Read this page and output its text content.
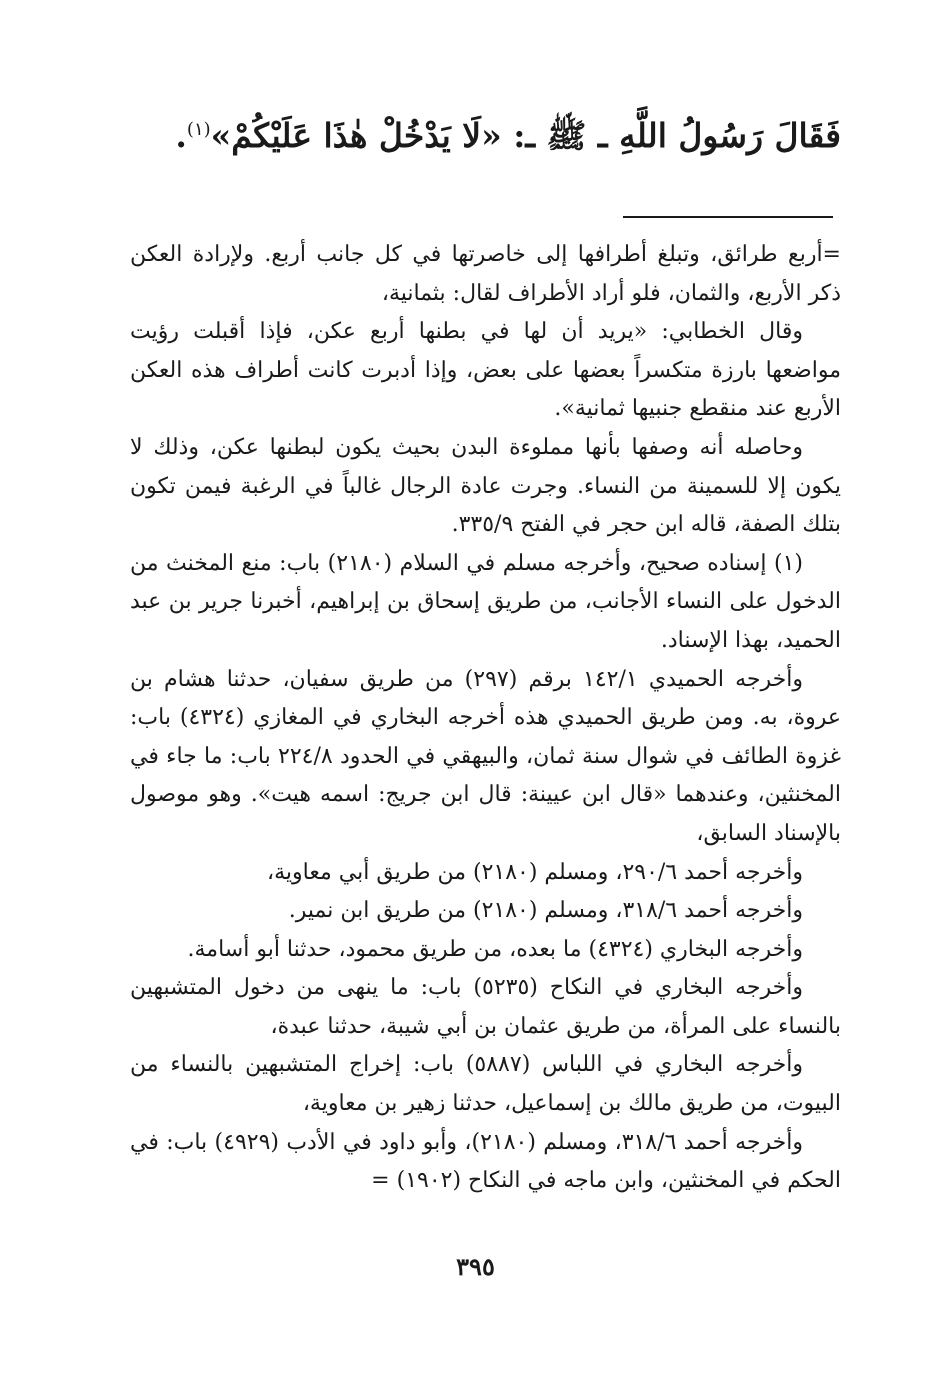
فَقَالَ رَسُولُ اللَّهِ ـ ﷺ ـ: «لَا يَدْخُلْ هٰذَا عَلَيْكُمْ»$^{(١)}$.

=أربع طرائق، وتبلغ أطرافها إلى خاصرتها في كل جانب أربع. ولإرادة العكن ذكر الأربع، والثمان، فلو أراد الأطراف لقال: بثمانية،

وقال الخطابي: «يريد أن لها في بطنها أربع عكن، فإذا أقبلت رؤيت مواضعها بارزة متكسراً بعضها على بعض، وإذا أدبرت كانت أطراف هذه العكن الأربع عند منقطع جنبيها ثمانية».

وحاصله أنه وصفها بأنها مملوءة البدن بحيث يكون لبطنها عكن، وذلك لا يكون إلا للسمينة من النساء. وجرت عادة الرجال غالباً في الرغبة فيمن تكون بتلك الصفة، قاله ابن حجر في الفتح ٣٣٥/٩.

(١) إسناده صحيح، وأخرجه مسلم في السلام (٢١٨٠) باب: منع المخنث من الدخول على النساء الأجانب، من طريق إسحاق بن إبراهيم، أخبرنا جرير بن عبد الحميد، بهذا الإسناد.

وأخرجه الحميدي ١٤٢/١ برقم (٢٩٧) من طريق سفيان، حدثنا هشام بن عروة، به. ومن طريق الحميدي هذه أخرجه البخاري في المغازي (٤٣٢٤) باب: غزوة الطائف في شوال سنة ثمان، والبيهقي في الحدود ٢٢٤/٨ باب: ما جاء في المخنثين، وعندهما «قال ابن عيينة: قال ابن جريج: اسمه هيت». وهو موصول بالإسناد السابق،

وأخرجه أحمد ٢٩٠/٦، ومسلم (٢١٨٠) من طريق أبي معاوية،

وأخرجه أحمد ٣١٨/٦، ومسلم (٢١٨٠) من طريق ابن نمير.

وأخرجه البخاري (٤٣٢٤) ما بعده، من طريق محمود، حدثنا أبو أسامة.

وأخرجه البخاري في النكاح (٥٢٣٥) باب: ما ينهى من دخول المتشبهين بالنساء على المرأة، من طريق عثمان بن أبي شيبة، حدثنا عبدة،

وأخرجه البخاري في اللباس (٥٨٨٧) باب: إخراج المتشبهين بالنساء من البيوت، من طريق مالك بن إسماعيل، حدثنا زهير بن معاوية،

وأخرجه أحمد ٣١٨/٦، ومسلم (٢١٨٠)، وأبو داود في الأدب (٤٩٢٩) باب: في الحكم في المخنثين، وابن ماجه في النكاح (١٩٠٢) =

٣٩٥
